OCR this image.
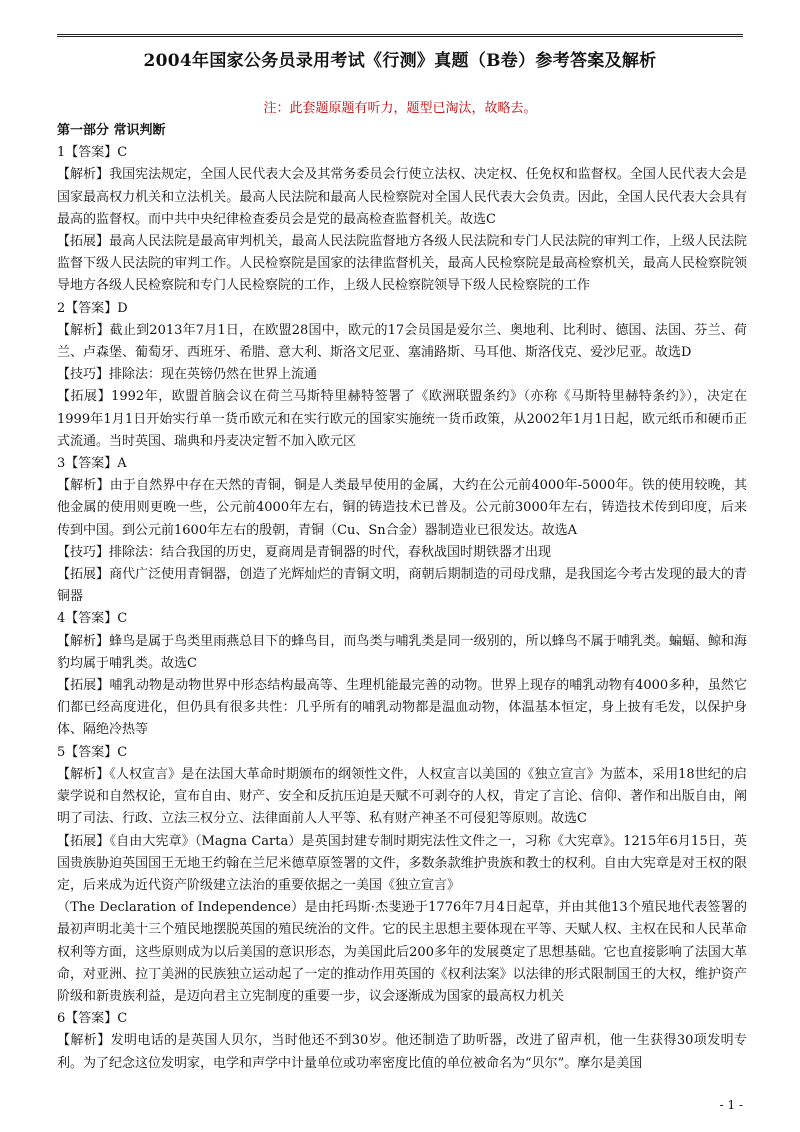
2004年国家公务员录用考试《行测》真题（B卷）参考答案及解析
注：此套题原题有听力，题型已淘汰，故略去。
第一部分 常识判断

1【答案】C

【解析】我国宪法规定，全国人民代表大会及其常务委员会行使立法权、决定权、任免权和监督权。全国人民代表大会是国家最高权力机关和立法机关。最高人民法院和最高人民检察院对全国人民代表大会负责。因此，全国人民代表大会具有最高的监督权。而中共中央纪律检查委员会是党的最高检查监督机关。故选C

【拓展】最高人民法院是最高审判机关，最高人民法院监督地方各级人民法院和专门人民法院的审判工作，上级人民法院监督下级人民法院的审判工作。人民检察院是国家的法律监督机关，最高人民检察院是最高检察机关，最高人民检察院领导地方各级人民检察院和专门人民检察院的工作，上级人民检察院领导下级人民检察院的工作

2【答案】D

【解析】截止到2013年7月1日，在欧盟28国中，欧元的17会员国是爱尔兰、奥地利、比利时、德国、法国、芬兰、荷兰、卢森堡、葡萄牙、西班牙、希腊、意大利、斯洛文尼亚、塞浦路斯、马耳他、斯洛伐克、爱沙尼亚。故选D

【技巧】排除法：现在英镑仍然在世界上流通

【拓展】1992年，欧盟首脑会议在荷兰马斯特里赫特签署了《欧洲联盟条约》（亦称《马斯特里赫特条约》），决定在1999年1月1日开始实行单一货币欧元和在实行欧元的国家实施统一货币政策，从2002年1月1日起，欧元纸币和硬币正式流通。当时英国、瑞典和丹麦决定暂不加入欧元区

3【答案】A

【解析】由于自然界中存在天然的青铜，铜是人类最早使用的金属，大约在公元前4000年-5000年。铁的使用较晚，其他金属的使用则更晚一些，公元前4000年左右，铜的铸造技术已普及。公元前3000年左右，铸造技术传到印度，后来传到中国。到公元前1600年左右的殷朝，青铜（Cu、Sn合金）器制造业已很发达。故选A

【技巧】排除法：结合我国的历史，夏商周是青铜器的时代，春秋战国时期铁器才出现

【拓展】商代广泛使用青铜器，创造了光辉灿烂的青铜文明，商朝后期制造的司母戊鼎，是我国迄今考古发现的最大的青铜器

4【答案】C

【解析】蜂鸟是属于鸟类里雨燕总目下的蜂鸟目，而鸟类与哺乳类是同一级别的，所以蜂鸟不属于哺乳类。蝙蝠、鲸和海豹均属于哺乳类。故选C

【拓展】哺乳动物是动物世界中形态结构最高等、生理机能最完善的动物。世界上现存的哺乳动物有4000多种，虽然它们都已经高度进化，但仍具有很多共性：几乎所有的哺乳动物都是温血动物，体温基本恒定，身上披有毛发，以保护身体、隔绝冷热等

5【答案】C

【解析】《人权宣言》是在法国大革命时期颁布的纲领性文件，人权宣言以美国的《独立宣言》为蓝本，采用18世纪的启蒙学说和自然权论，宣布自由、财产、安全和反抗压迫是天赋不可剥夺的人权，肯定了言论、信仰、著作和出版自由，阐明了司法、行政、立法三权分立、法律面前人人平等、私有财产神圣不可侵犯等原则。故选C

【拓展】《自由大宪章》（Magna Carta）是英国封建专制时期宪法性文件之一，习称《大宪章》。1215年6月15日，英国贵族胁迫英国国王无地王约翰在兰尼米德草原签署的文件，多数条款维护贵族和教士的权利。自由大宪章是对王权的限定，后来成为近代资产阶级建立法治的重要依据之一美国《独立宣言》

（The Declaration of Independence）是由托玛斯·杰斐逊于1776年7月4日起草，并由其他13个殖民地代表签署的最初声明北美十三个殖民地摆脱英国的殖民统治的文件。它的民主思想主要体现在平等、天赋人权、主权在民和人民革命权利等方面，这些原则成为以后美国的意识形态，为美国此后200多年的发展奠定了思想基础。它也直接影响了法国大革命，对亚洲、拉丁美洲的民族独立运动起了一定的推动作用英国的《权利法案》以法律的形式限制国王的大权，维护资产阶级和新贵族利益，是迈向君主立宪制度的重要一步，议会逐渐成为国家的最高权力机关

6【答案】C

【解析】发明电话的是英国人贝尔，当时他还不到30岁。他还制造了助听器，改进了留声机，他一生获得30项发明专利。为了纪念这位发明家，电学和声学中计量单位或功率密度比值的单位被命名为“贝尔”。摩尔是美国

- 1 -
